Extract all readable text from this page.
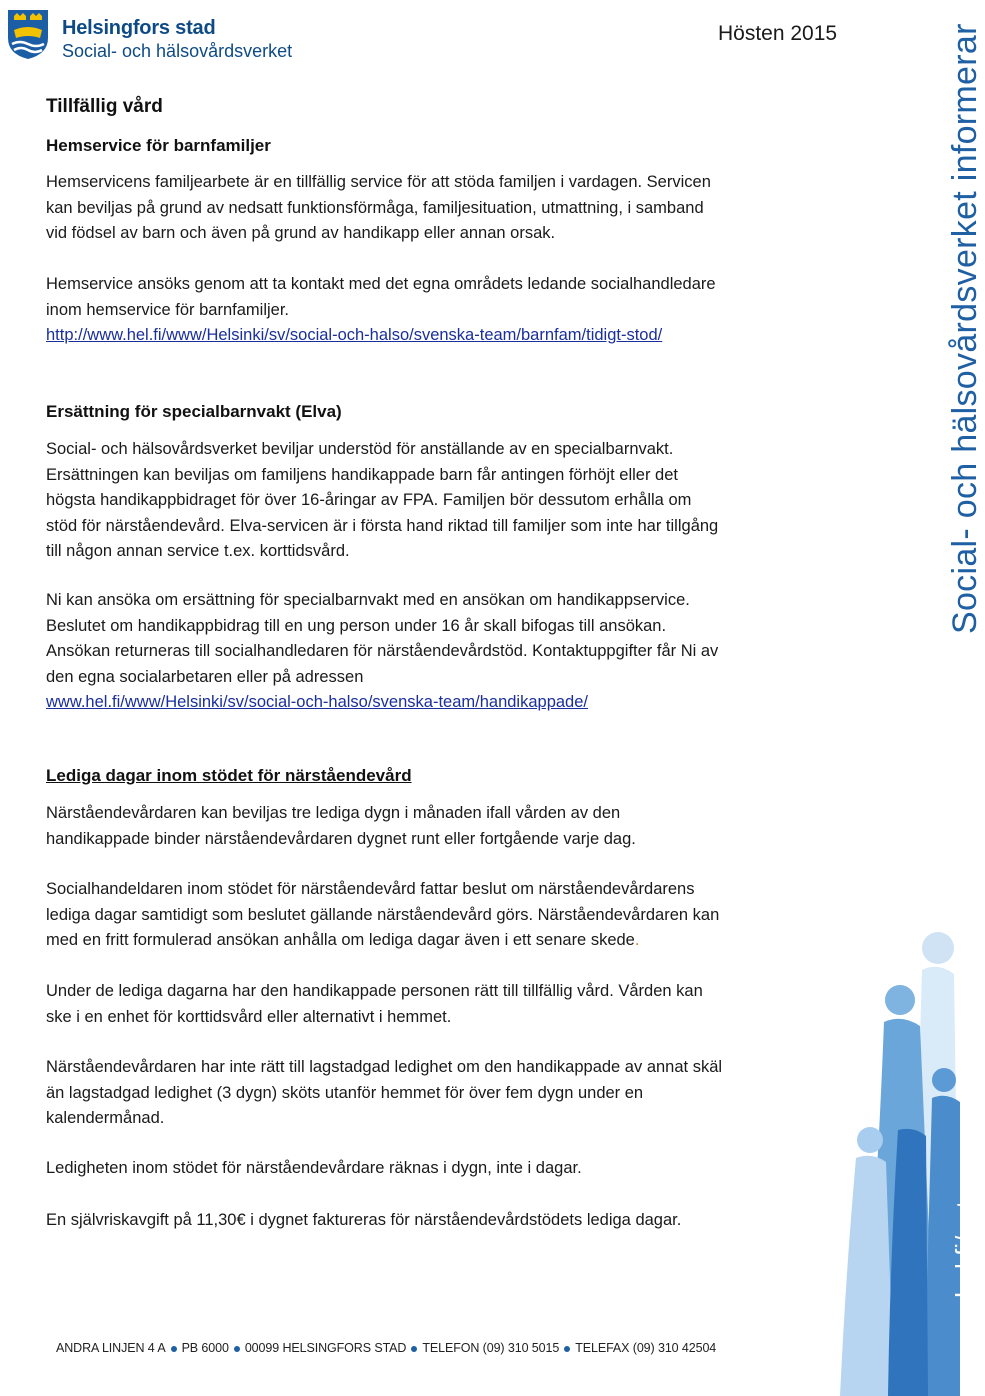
Helsingfors stad
Social- och hälsovårdsverket
Hösten 2015	Social- och hälsovårdsverket informerar
www.hel.fi/sote
Tillfällig vård
Hemservice för barnfamiljer
Hemservicens familjearbete är en tillfällig service för att stöda familjen i vardagen. Servicen
kan beviljas på grund av nedsatt funktionsförmåga, familjesituation, utmattning, i samband
vid födsel av barn och även på grund av handikapp eller annan orsak.
Hemservice ansöks genom att ta kontakt med det egna områdets ledande socialhandledare
inom hemservice för barnfamiljer.
http://www.hel.fi/www/Helsinki/sv/social-och-halso/svenska-team/barnfam/tidigt-stod/
Ersättning för specialbarnvakt (Elva)
Social- och hälsovårdsverket beviljar understöd för anställande av en specialbarnvakt.
Ersättningen kan beviljas om familjens handikappade barn får antingen förhöjt eller det
högsta handikappbidraget för över 16-åringar av FPA. Familjen bör dessutom erhålla om
stöd för närståendevård. Elva-servicen är i första hand riktad till familjer som inte har tillgång
till någon annan service t.ex. korttidsvård.
Ni kan ansöka om ersättning för specialbarnvakt med en ansökan om handikappservice.
Beslutet om handikappbidrag till en ung person under 16 år skall bifogas till ansökan.
Ansökan returneras till socialhandledaren för närståendevårdstöd. Kontaktuppgifter får Ni av
den egna socialarbetaren eller på adressen
www.hel.fi/www/Helsinki/sv/social-och-halso/svenska-team/handikappade/
Lediga dagar inom stödet för närståendevård
Närståendevårdaren kan beviljas tre lediga dygn i månaden ifall vården av den
handikappade binder närståendevårdaren dygnet runt eller fortgående varje dag.
Socialhandeldaren inom stödet för närståendevård fattar beslut om närståendevårdarens
lediga dagar samtidigt som beslutet gällande närståendevård görs. Närståendevårdaren kan
med en fritt formulerad ansökan anhålla om lediga dagar även i ett senare skede.
Under de lediga dagarna har den handikappade personen rätt till tillfällig vård. Vården kan
ske i en enhet för korttidsvård eller alternativt i hemmet.
Närståendevårdaren har inte rätt till lagstadgad ledighet om den handikappade av annat skäl
än lagstadgad ledighet (3 dygn) sköts utanför hemmet för över fem dygn under en
kalendermånad.
Ledigheten inom stödet för närståendevårdare räknas i dygn, inte i dagar.
En självriskavgift på 11,30€ i dygnet faktureras för närståendevårdstödets lediga dagar.
ANDRA LINJEN 4 A PB 6000 00099 HELSINGFORS STAD TELEFON (09) 310 5015 TELEFAX (09) 310 42504
